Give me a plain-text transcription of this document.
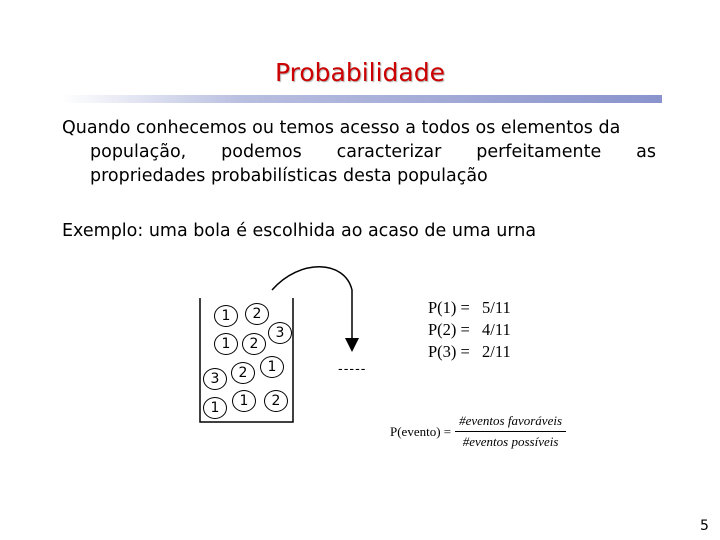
Probabilidade
Quando conhecemos ou temos acesso a todos os elementos da
população, podemos caracterizar perfeitamente as
propriedades probabilísticas desta população
Exemplo: uma bola é escolhida ao acaso de uma urna
1	2
3
1	2
1
3	2
1	1	2
-----
P(1) = 5/11
P(2) = 4/11
P(3) = 2/11
P(evento) = $\frac{\text{\#eventos favoráveis}}{\text{\#eventos possíveis}}$
5
